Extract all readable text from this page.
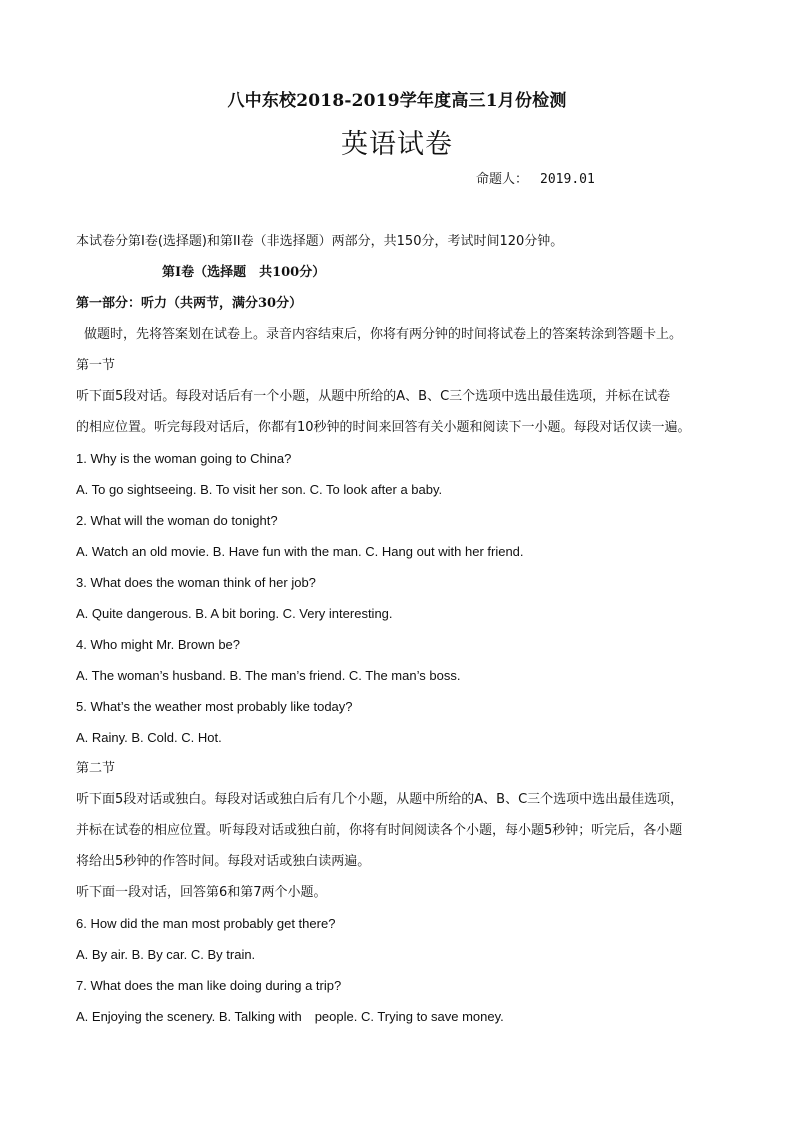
八中东校2018-2019学年度高三1月份检测
英语试卷
命题人： 2019.01
本试卷分第I卷(选择题)和第II卷（非选择题）两部分，共150分，考试时间120分钟。
第I卷（选择题　共100分）
第一部分：听力（共两节，满分30分）
做题时，先将答案划在试卷上。录音内容结束后，你将有两分钟的时间将试卷上的答案转涂到答题卡上。
第一节
听下面5段对话。每段对话后有一个小题，从题中所给的A、B、C三个选项中选出最佳选项，并标在试卷
的相应位置。听完每段对话后，你都有10秒钟的时间来回答有关小题和阅读下一小题。每段对话仅读一遍。
1. Why is the woman going to China?
A. To go sightseeing. B. To visit her son. C. To look after a baby.
2. What will the woman do tonight?
A. Watch an old movie. B. Have fun with the man. C. Hang out with her friend.
3. What does the woman think of her job?
A. Quite dangerous. B. A bit boring. C. Very interesting.
4. Who might Mr. Brown be?
A. The woman’s husband. B. The man’s friend. C. The man’s boss.
5. What’s the weather most probably like today?
A. Rainy. B. Cold. C. Hot.
第二节
听下面5段对话或独白。每段对话或独白后有几个小题，从题中所给的A、B、C三个选项中选出最佳选项，
并标在试卷的相应位置。听每段对话或独白前，你将有时间阅读各个小题，每小题5秒钟；听完后，各小题
将给出5秒钟的作答时间。每段对话或独白读两遍。
听下面一段对话，回答第6和第7两个小题。
6. How did the man most probably get there?
A. By air. B. By car. C. By train.
7. What does the man like doing during a trip?
A. Enjoying the scenery. B. Talking with　people. C. Trying to save money.
